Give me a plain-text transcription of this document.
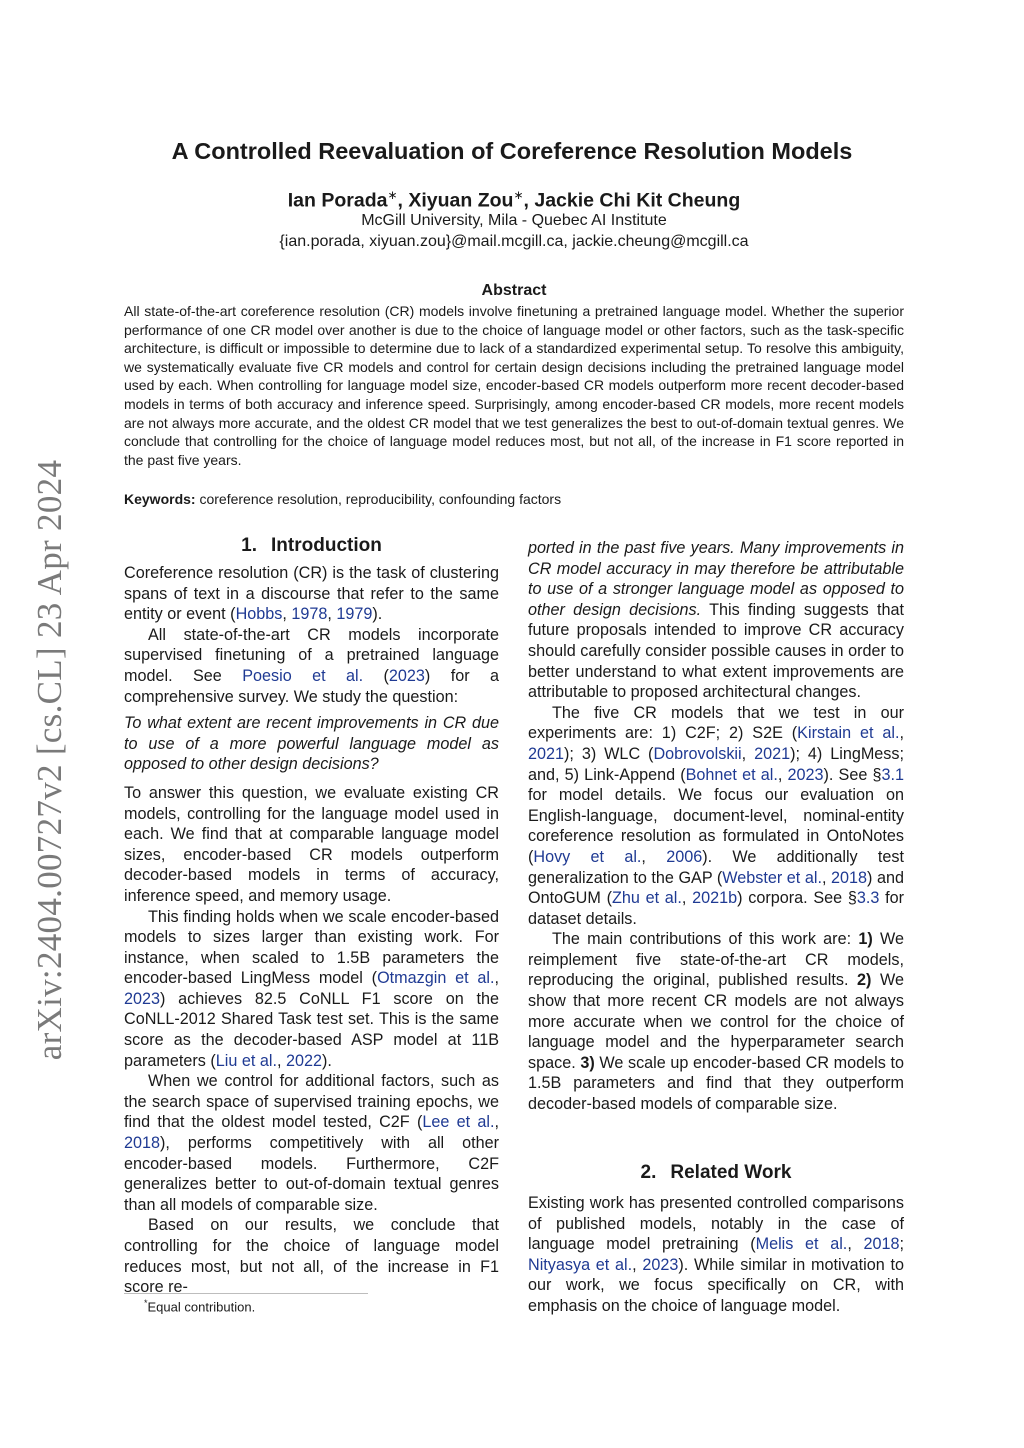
arXiv:2404.00727v2 [cs.CL] 23 Apr 2024
A Controlled Reevaluation of Coreference Resolution Models
Ian Porada∗, Xiyuan Zou∗, Jackie Chi Kit Cheung
McGill University, Mila - Quebec AI Institute
{ian.porada, xiyuan.zou}@mail.mcgill.ca, jackie.cheung@mcgill.ca
Abstract
All state-of-the-art coreference resolution (CR) models involve finetuning a pretrained language model. Whether the superior performance of one CR model over another is due to the choice of language model or other factors, such as the task-specific architecture, is difficult or impossible to determine due to lack of a standardized experimental setup. To resolve this ambiguity, we systematically evaluate five CR models and control for certain design decisions including the pretrained language model used by each. When controlling for language model size, encoder-based CR models outperform more recent decoder-based models in terms of both accuracy and inference speed. Surprisingly, among encoder-based CR models, more recent models are not always more accurate, and the oldest CR model that we test generalizes the best to out-of-domain textual genres. We conclude that controlling for the choice of language model reduces most, but not all, of the increase in F1 score reported in the past five years.
Keywords: coreference resolution, reproducibility, confounding factors
1. Introduction

Coreference resolution (CR) is the task of clustering spans of text in a discourse that refer to the same entity or event (Hobbs, 1978, 1979).

All state-of-the-art CR models incorporate supervised finetuning of a pretrained language model. See Poesio et al. (2023) for a comprehensive survey. We study the question:

To what extent are recent improvements in CR due to use of a more powerful language model as opposed to other design decisions?

To answer this question, we evaluate existing CR models, controlling for the language model used in each. We find that at comparable language model sizes, encoder-based CR models outperform decoder-based models in terms of accuracy, inference speed, and memory usage.

This finding holds when we scale encoder-based models to sizes larger than existing work. For instance, when scaled to 1.5B parameters the encoder-based LingMess model (Otmazgin et al., 2023) achieves 82.5 CoNLL F1 score on the CoNLL-2012 Shared Task test set. This is the same score as the decoder-based ASP model at 11B parameters (Liu et al., 2022).

When we control for additional factors, such as the search space of supervised training epochs, we find that the oldest model tested, C2F (Lee et al., 2018), performs competitively with all other encoder-based models. Furthermore, C2F generalizes better to out-of-domain textual genres than all models of comparable size.

Based on our results, we conclude that controlling for the choice of language model reduces most, but not all, of the increase in F1 score re-

ported in the past five years. Many improvements in CR model accuracy in may therefore be attributable to use of a stronger language model as opposed to other design decisions. This finding suggests that future proposals intended to improve CR accuracy should carefully consider possible causes in order to better understand to what extent improvements are attributable to proposed architectural changes.

The five CR models that we test in our experiments are: 1) C2F; 2) S2E (Kirstain et al., 2021); 3) WLC (Dobrovolskii, 2021); 4) LingMess; and, 5) Link-Append (Bohnet et al., 2023). See §3.1 for model details. We focus our evaluation on English-language, document-level, nominal-entity coreference resolution as formulated in OntoNotes (Hovy et al., 2006). We additionally test generalization to the GAP (Webster et al., 2018) and OntoGUM (Zhu et al., 2021b) corpora. See §3.3 for dataset details.

The main contributions of this work are: 1) We reimplement five state-of-the-art CR models, reproducing the original, published results. 2) We show that more recent CR models are not always more accurate when we control for the choice of language model and the hyperparameter search space. 3) We scale up encoder-based CR models to 1.5B parameters and find that they outperform decoder-based models of comparable size.

2. Related Work

Existing work has presented controlled comparisons of published models, notably in the case of language model pretraining (Melis et al., 2018; Nityasya et al., 2023). While similar in motivation to our work, we focus specifically on CR, with emphasis on the choice of language model.

*Equal contribution.
